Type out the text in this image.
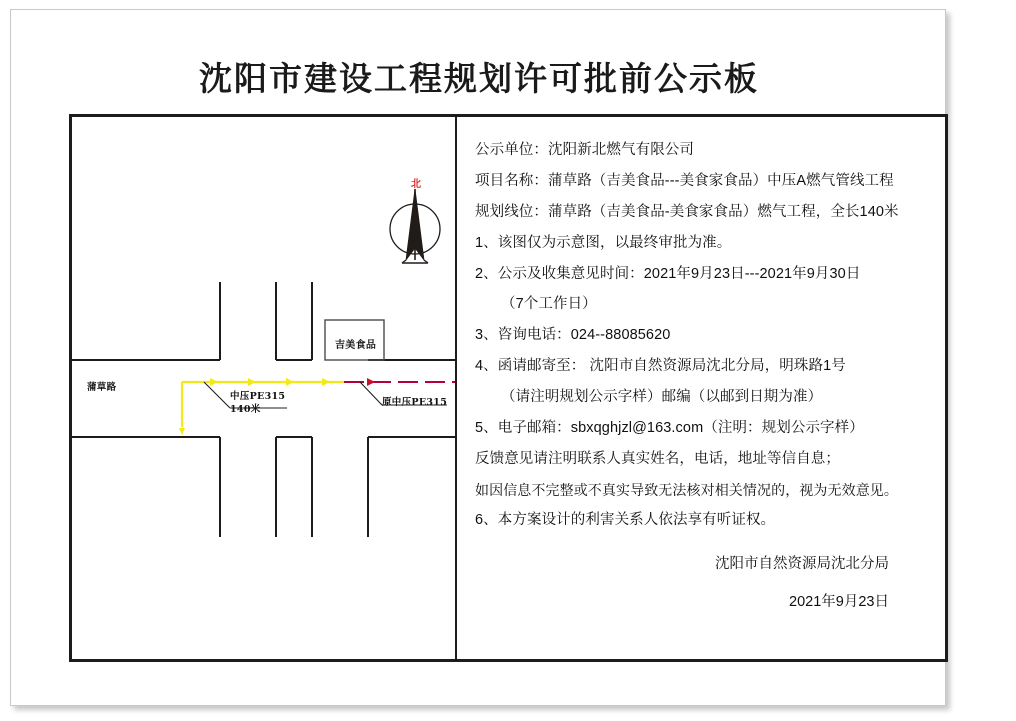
沈阳市建设工程规划许可批前公示板
北
蒲草路
吉美食品
中压PE315
140米
原中压PE315
公示单位：沈阳新北燃气有限公司
项目名称：蒲草路（吉美食品---美食家食品）中压A燃气管线工程
规划线位：蒲草路（吉美食品-美食家食品）燃气工程，全长140米
1、该图仅为示意图，以最终审批为准。
2、公示及收集意见时间：2021年9月23日---2021年9月30日
（7个工作日）
3、咨询电话：024--88085620
4、函请邮寄至： 沈阳市自然资源局沈北分局，明珠路1号
（请注明规划公示字样）邮编（以邮到日期为准）
5、电子邮箱：sbxqghjzl@163.com（注明：规划公示字样）
反馈意见请注明联系人真实姓名，电话，地址等信自息；
如因信息不完整或不真实导致无法核对相关情况的，视为无效意见。
6、本方案设计的利害关系人依法享有听证权。
沈阳市自然资源局沈北分局
2021年9月23日
